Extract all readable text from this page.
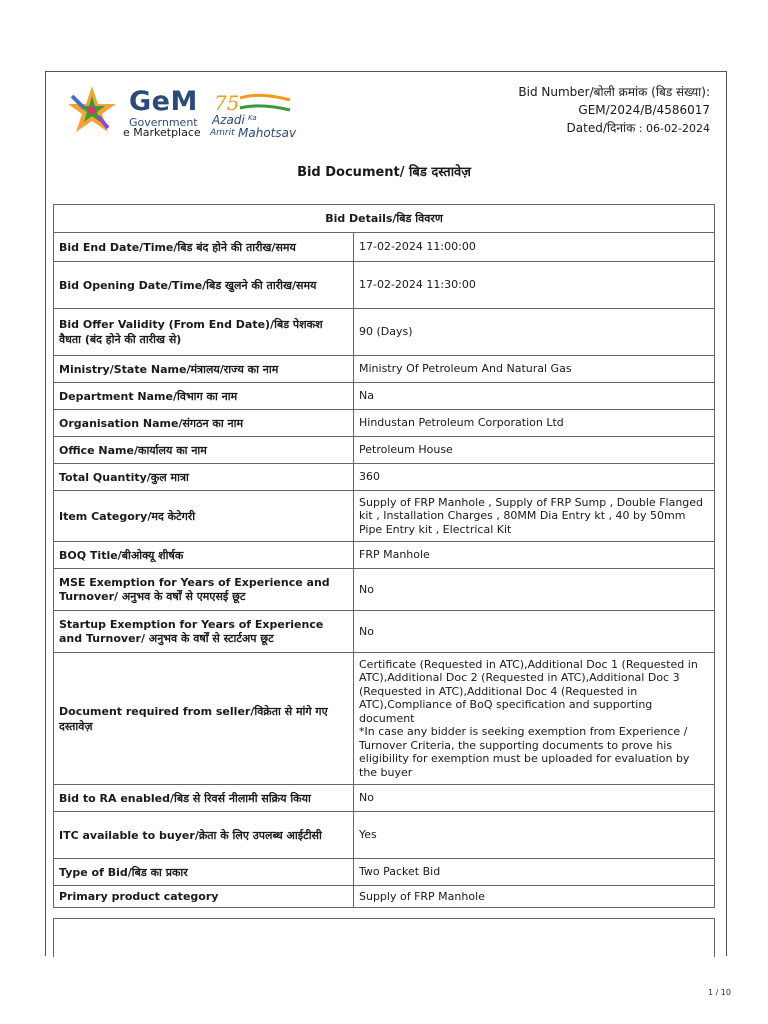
GeM
Government
e Marketplace
75
Azadi Ka
Amrit Mahotsav
Bid Number/बोली क्रमांक (बिड संख्या):
GEM/2024/B/4586017
Dated/दिनांक : 06-02-2024
Bid Document/ बिड दस्तावेज़
Bid Details/बिड विवरण	
Bid End Date/Time/बिड बंद होने की तारीख/समय	17-02-2024 11:00:00
Bid Opening Date/Time/बिड खुलने की तारीख/समय	17-02-2024 11:30:00
Bid Offer Validity (From End Date)/बिड पेशकश वैधता (बंद होने की तारीख से)	90 (Days)
Ministry/State Name/मंत्रालय/राज्य का नाम	Ministry Of Petroleum And Natural Gas
Department Name/विभाग का नाम	Na
Organisation Name/संगठन का नाम	Hindustan Petroleum Corporation Ltd
Office Name/कार्यालय का नाम	Petroleum House
Total Quantity/कुल मात्रा	360
Item Category/मद केटेगरी	Supply of FRP Manhole , Supply of FRP Sump , Double Flanged kit , Installation Charges , 80MM Dia Entry kt , 40 by 50mm Pipe Entry kit , Electrical Kit
BOQ Title/बीओक्यू शीर्षक	FRP Manhole
MSE Exemption for Years of Experience and Turnover/ अनुभव के वर्षों से एमएसई छूट	No
Startup Exemption for Years of Experience and Turnover/ अनुभव के वर्षों से स्टार्टअप छूट	No
Document required from seller/विक्रेता से मांगे गए दस्तावेज़	Certificate (Requested in ATC),Additional Doc 1 (Requested in ATC),Additional Doc 2 (Requested in ATC),Additional Doc 3 (Requested in ATC),Additional Doc 4 (Requested in ATC),Compliance of BoQ specification and supporting document
*In case any bidder is seeking exemption from Experience / Turnover Criteria, the supporting documents to prove his eligibility for exemption must be uploaded for evaluation by the buyer
Bid to RA enabled/बिड से रिवर्स नीलामी सक्रिय किया	No
ITC available to buyer/क्रेता के लिए उपलब्ध आईटीसी	Yes
Type of Bid/बिड का प्रकार	Two Packet Bid
Primary product category	Supply of FRP Manhole
1 / 10
